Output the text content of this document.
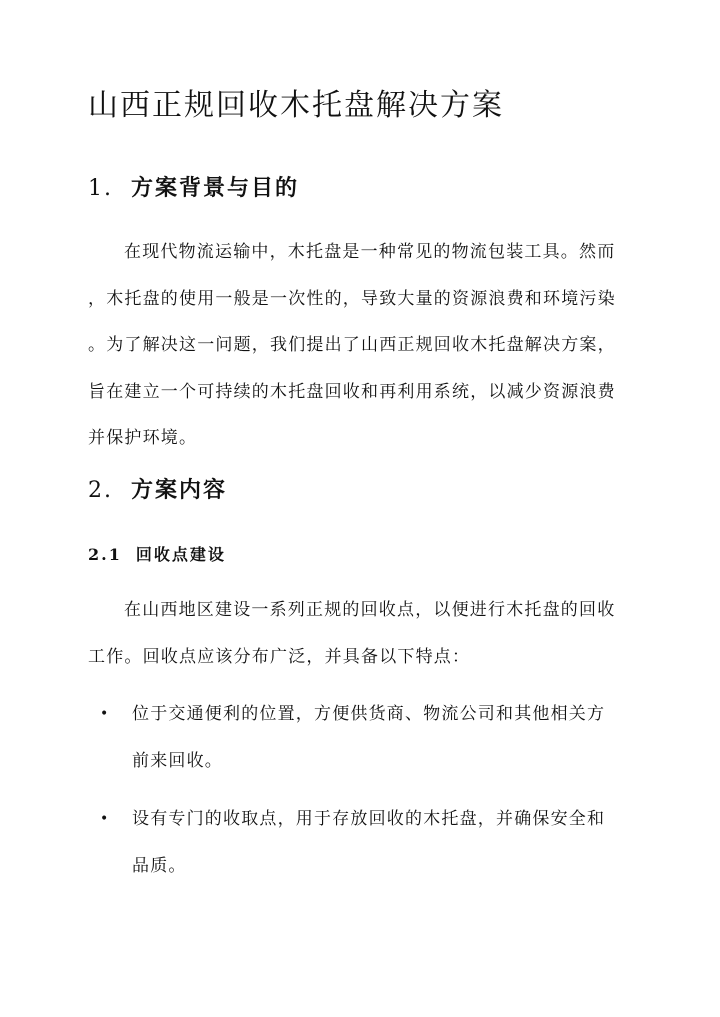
山西正规回收木托盘解决方案
1. 方案背景与目的

在现代物流运输中，木托盘是一种常见的物流包装工具。然而
，木托盘的使用一般是一次性的，导致大量的资源浪费和环境污染
。为了解决这一问题，我们提出了山西正规回收木托盘解决方案，
旨在建立一个可持续的木托盘回收和再利用系统，以减少资源浪费
并保护环境。

2. 方案内容
2.1 回收点建设

在山西地区建设一系列正规的回收点，以便进行木托盘的回收
工作。回收点应该分布广泛，并具备以下特点：

• 位于交通便利的位置，方便供货商、物流公司和其他相关方
前来回收。
• 设有专门的收取点，用于存放回收的木托盘，并确保安全和
品质。
